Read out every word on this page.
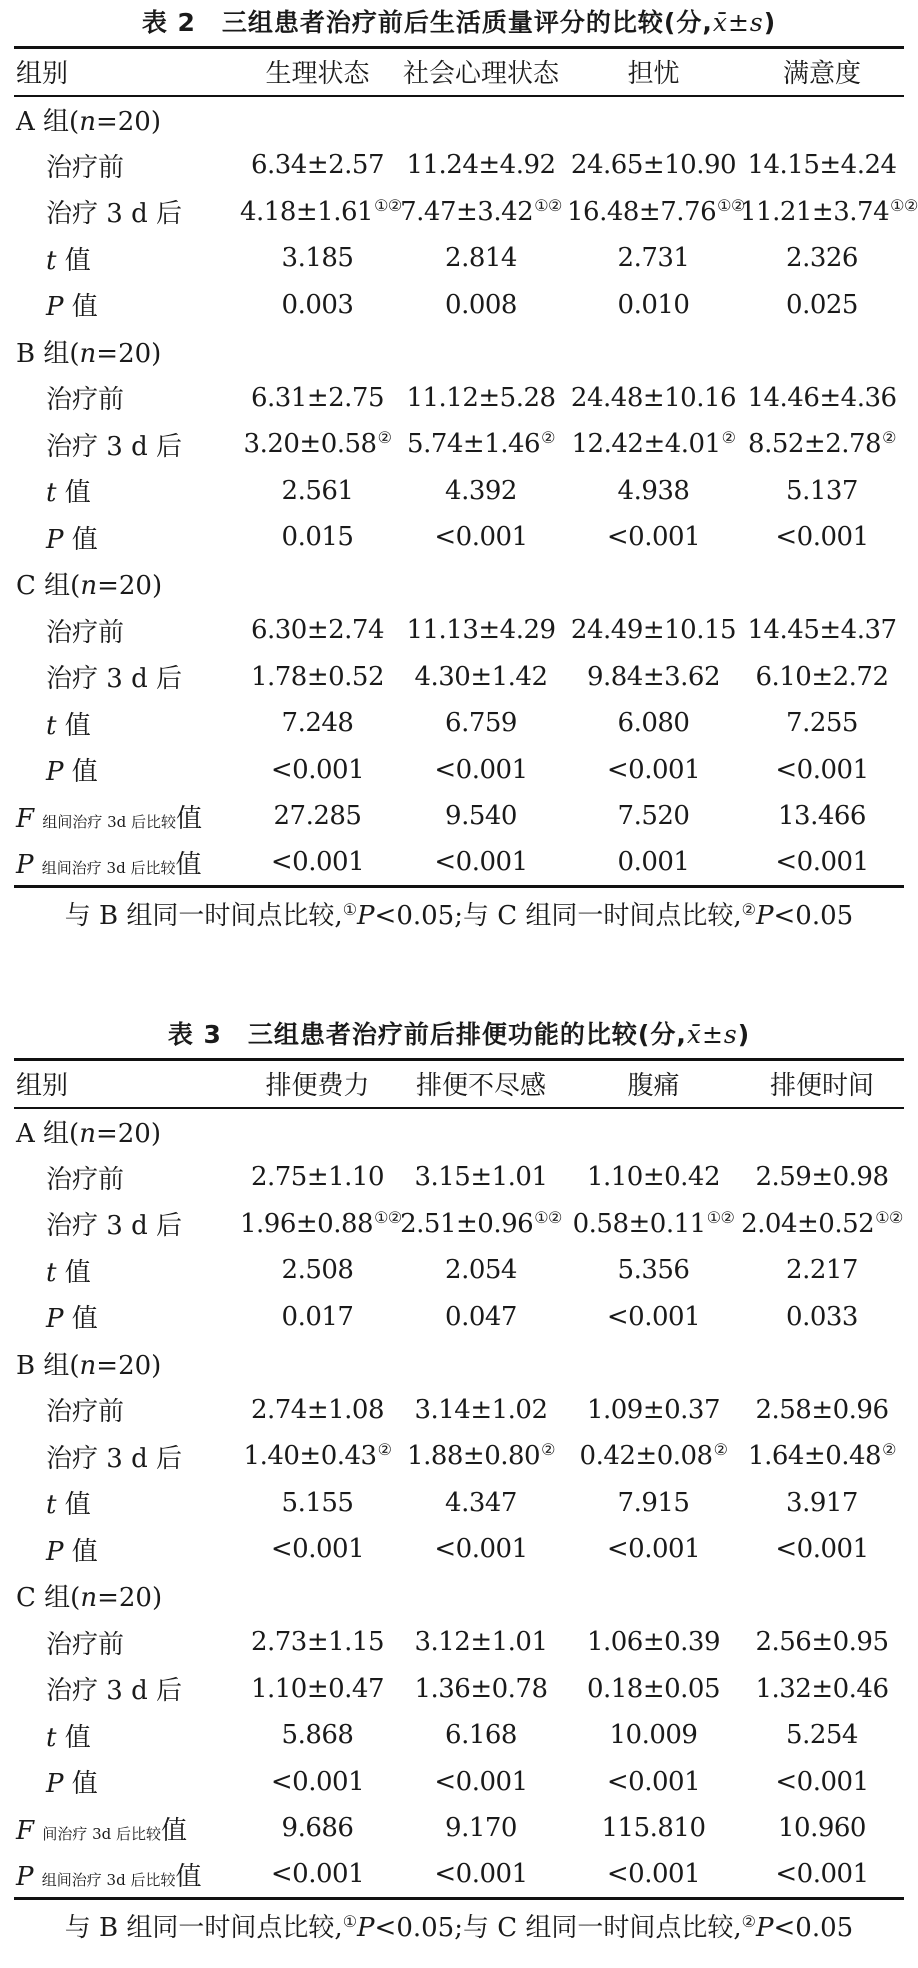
表 2  三组患者治疗前后生活质量评分的比较(分,x̄±s)
组别	生理状态	社会心理状态	担忧	满意度
A 组(n=20)				
治疗前	6.34±2.57	11.24±4.92	24.65±10.90	14.15±4.24
治疗 3 d 后	4.18±1.61①②	7.47±3.42①②	16.48±7.76①②	11.21±3.74①②
t 值	3.185	2.814	2.731	2.326
P 值	0.003	0.008	0.010	0.025
B 组(n=20)				
治疗前	6.31±2.75	11.12±5.28	24.48±10.16	14.46±4.36
治疗 3 d 后	3.20±0.58②	5.74±1.46②	12.42±4.01②	8.52±2.78②
t 值	2.561	4.392	4.938	5.137
P 值	0.015	<0.001	<0.001	<0.001
C 组(n=20)				
治疗前	6.30±2.74	11.13±4.29	24.49±10.15	14.45±4.37
治疗 3 d 后	1.78±0.52	4.30±1.42	9.84±3.62	6.10±2.72
t 值	7.248	6.759	6.080	7.255
P 值	<0.001	<0.001	<0.001	<0.001
F 组间治疗 3d 后比较值	27.285	9.540	7.520	13.466
P 组间治疗 3d 后比较值	<0.001	<0.001	0.001	<0.001
与 B 组同一时间点比较,①P<0.05;与 C 组同一时间点比较,②P<0.05
表 3  三组患者治疗前后排便功能的比较(分,x̄±s)
组别	排便费力	排便不尽感	腹痛	排便时间
A 组(n=20)				
治疗前	2.75±1.10	3.15±1.01	1.10±0.42	2.59±0.98
治疗 3 d 后	1.96±0.88①②	2.51±0.96①②	0.58±0.11①②	2.04±0.52①②
t 值	2.508	2.054	5.356	2.217
P 值	0.017	0.047	<0.001	0.033
B 组(n=20)				
治疗前	2.74±1.08	3.14±1.02	1.09±0.37	2.58±0.96
治疗 3 d 后	1.40±0.43②	1.88±0.80②	0.42±0.08②	1.64±0.48②
t 值	5.155	4.347	7.915	3.917
P 值	<0.001	<0.001	<0.001	<0.001
C 组(n=20)				
治疗前	2.73±1.15	3.12±1.01	1.06±0.39	2.56±0.95
治疗 3 d 后	1.10±0.47	1.36±0.78	0.18±0.05	1.32±0.46
t 值	5.868	6.168	10.009	5.254
P 值	<0.001	<0.001	<0.001	<0.001
F 间治疗 3d 后比较值	9.686	9.170	115.810	10.960
P 组间治疗 3d 后比较值	<0.001	<0.001	<0.001	<0.001
与 B 组同一时间点比较,①P<0.05;与 C 组同一时间点比较,②P<0.05
